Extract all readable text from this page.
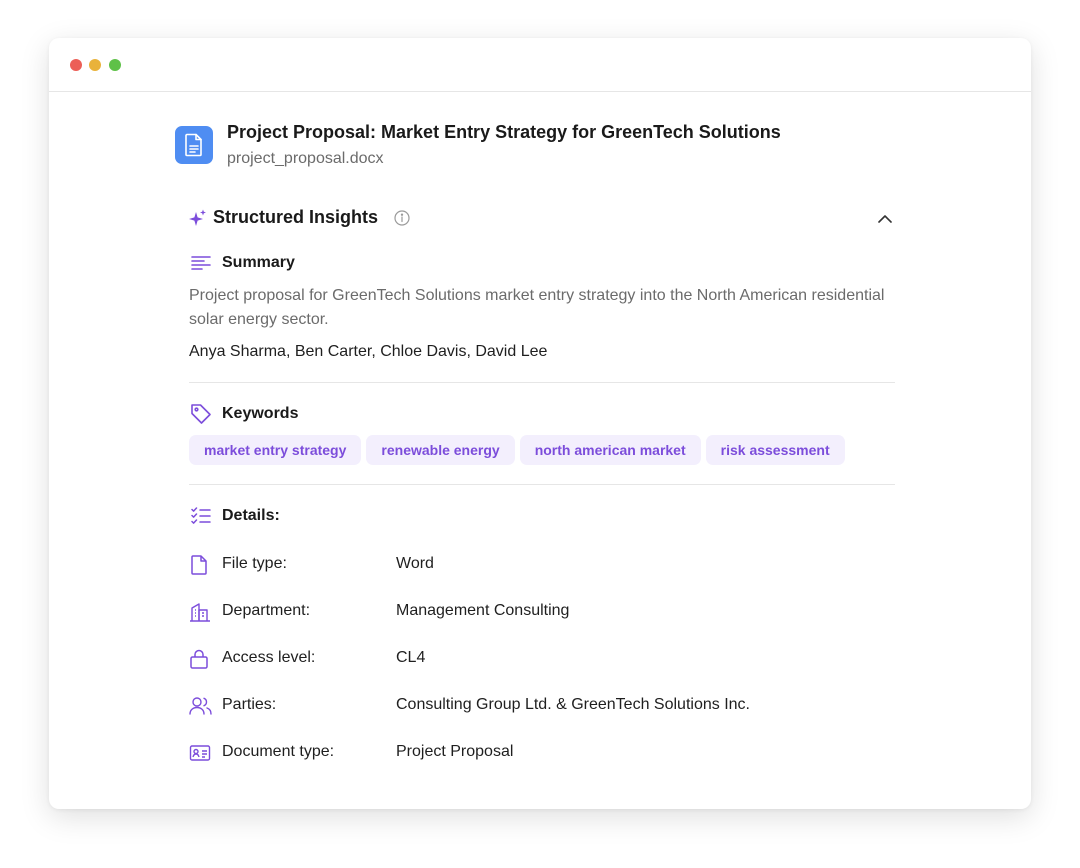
Project Proposal: Market Entry Strategy for GreenTech Solutions
project_proposal.docx
Structured Insights
Summary
Project proposal for GreenTech Solutions market entry strategy into the North American residential solar energy sector.
Anya Sharma, Ben Carter, Chloe Davis, David Lee
Keywords
market entry strategy	renewable energy	north american market	risk assessment
Details:
File type:	Word
Department:	Management Consulting
Access level:	CL4
Parties:	Consulting Group Ltd. & GreenTech Solutions Inc.
Document type:	Project Proposal
